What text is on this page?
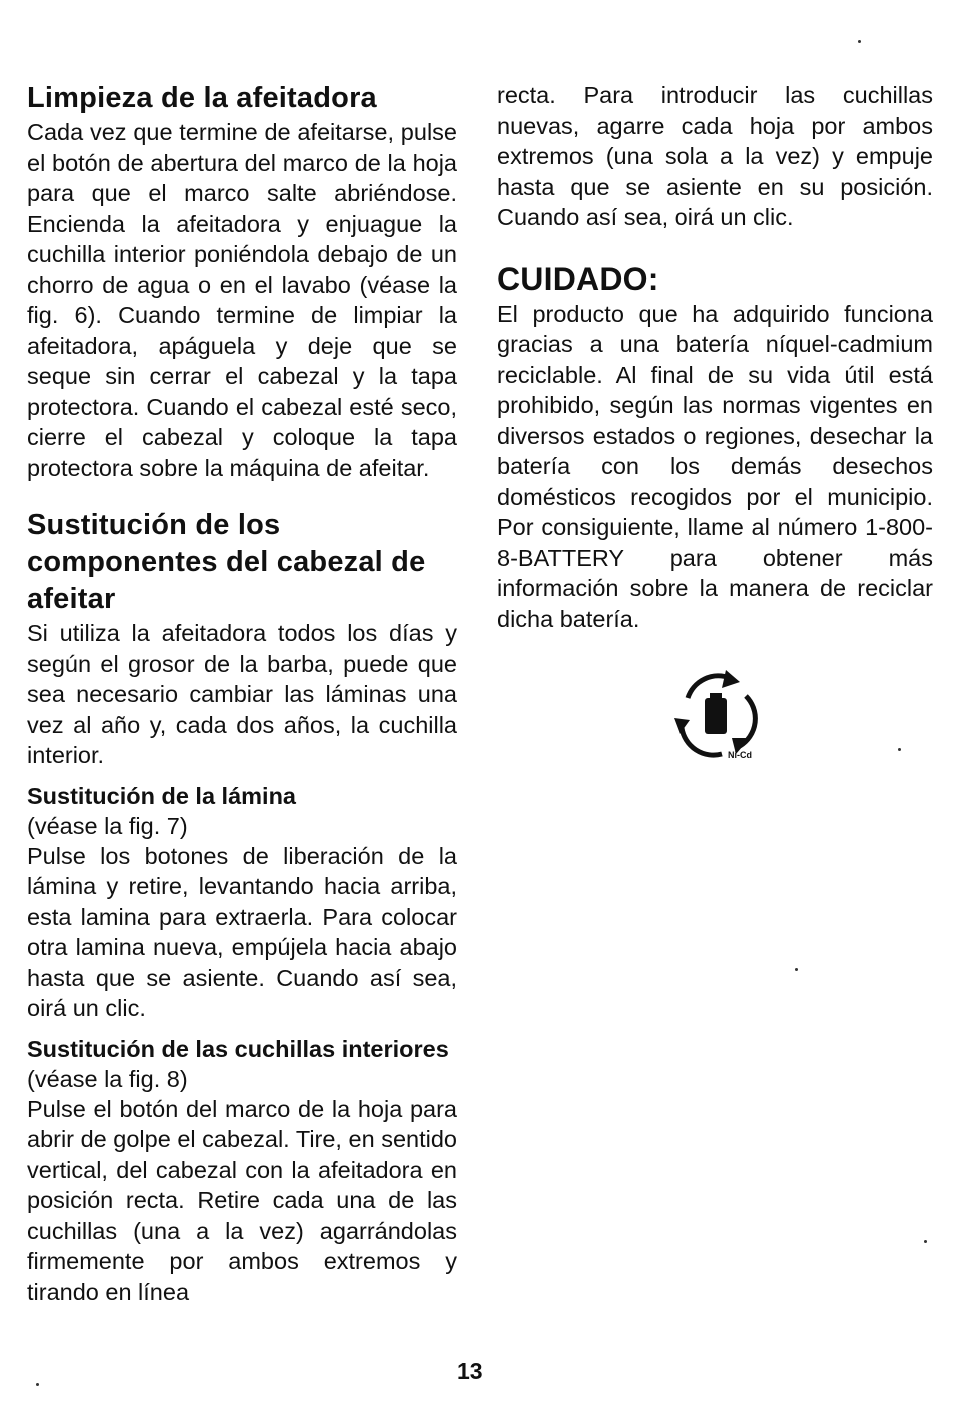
Limpieza de la afeitadora

Cada vez que termine de afeitarse, pulse el botón de abertura del marco de la hoja para que el marco salte abriéndose. Encienda la afeitadora y enjuague la cuchilla interior poniéndola debajo de un chorro de agua o en el lavabo (véase la fig. 6). Cuando termine de limpiar la afeitadora, apáguela y deje que se seque sin cerrar el cabezal y la tapa protectora. Cuando el cabezal esté seco, cierre el cabezal y coloque la tapa protectora sobre la máquina de afeitar.

Sustitución de los componentes del cabezal de afeitar

Si utiliza la afeitadora todos los días y según el grosor de la barba, puede que sea necesario cambiar las láminas una vez al año y, cada dos años, la cuchilla interior.

Sustitución de la lámina
(véase la fig. 7)

Pulse los botones de liberación de la lámina y retire, levantando hacia arriba, esta lamina para extraerla. Para colocar otra lamina nueva, empújela hacia abajo hasta que se asiente. Cuando así sea, oirá un clic.

Sustitución de las cuchillas interiores (véase la fig. 8)

Pulse el botón del marco de la hoja para abrir de golpe el cabezal. Tire, en sentido vertical, del cabezal con la afeitadora en posición recta. Retire cada una de las cuchillas (una a la vez) agarrándolas firmemente por ambos extremos y tirando en línea

recta. Para introducir las cuchillas nuevas, agarre cada hoja por ambos extremos (una sola a la vez) y empuje hasta que se asiente en su posición. Cuando así sea, oirá un clic.

CUIDADO:

El producto que ha adquirido funciona gracias a una batería níquel-cadmium reciclable. Al final de su vida útil está prohibido, según las normas vigentes en diversos estados o regiones, desechar la batería con los demás desechos domésticos recogidos por el municipio. Por consiguiente, llame al número 1-800-8-BATTERY para obtener más información sobre la manera de reciclar dicha batería.

Ni-Cd
13
